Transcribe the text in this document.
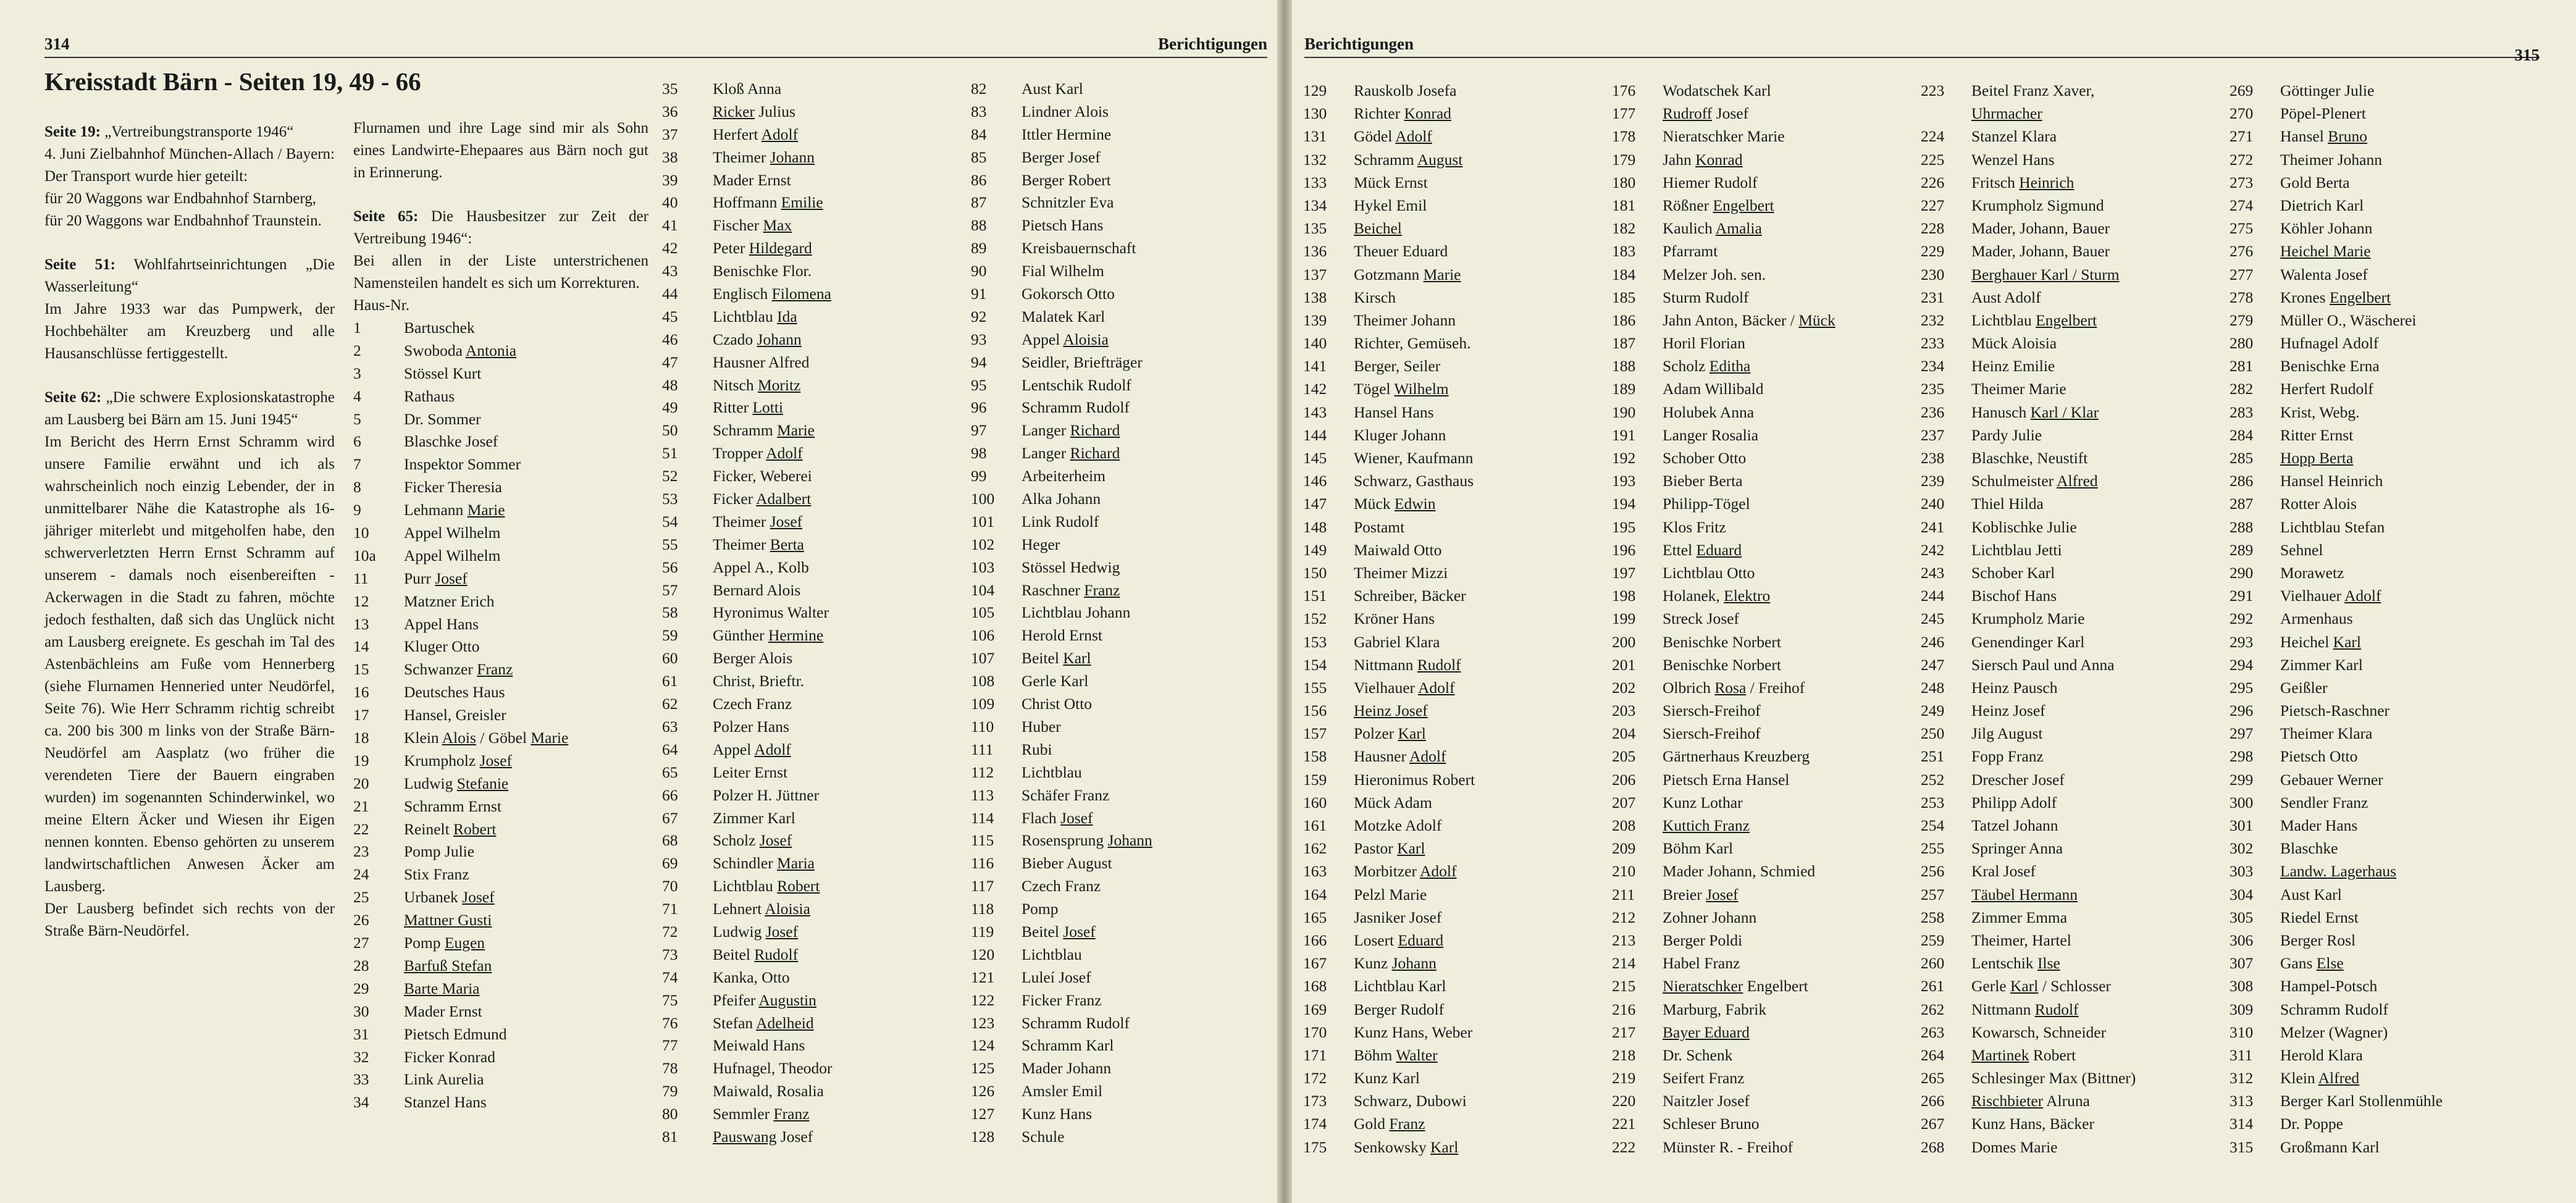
314	Berichtigungen
Kreisstadt Bärn - Seiten 19, 49 - 66

Seite 19: „Vertreibungstransporte 1946“

4. Juni Zielbahnhof München-Allach / Bayern: Der Transport wurde hier geteilt:

für 20 Waggons war Endbahnhof Starnberg,

für 20 Waggons war Endbahnhof Traunstein.

Seite 51: Wohlfahrtseinrichtungen „Die Wasserleitung“

Im Jahre 1933 war das Pumpwerk, der Hochbehälter am Kreuzberg und alle Hausanschlüsse fertiggestellt.

Seite 62: „Die schwere Explosionskatastrophe am Lausberg bei Bärn am 15. Juni 1945“

Im Bericht des Herrn Ernst Schramm wird unsere Familie erwähnt und ich als wahrscheinlich noch einzig Lebender, der in unmittelbarer Nähe die Katastrophe als 16-jähriger miterlebt und mitgeholfen habe, den schwerverletzten Herrn Ernst Schramm auf unserem - damals noch eisenbereiften - Ackerwagen in die Stadt zu fahren, möchte jedoch festhalten, daß sich das Unglück nicht am Lausberg ereignete. Es geschah im Tal des Astenbächleins am Fuße vom Hennerberg (siehe Flurnamen Henneried unter Neudörfel, Seite 76). Wie Herr Schramm richtig schreibt ca. 200 bis 300 m links von der Straße Bärn-Neudörfel am Aasplatz (wo früher die verendeten Tiere der Bauern eingraben wurden) im sogenannten Schinderwinkel, wo meine Eltern Äcker und Wiesen ihr Eigen nennen konnten. Ebenso gehörten zu unserem landwirtschaftlichen Anwesen Äcker am Lausberg.

Der Lausberg befindet sich rechts von der Straße Bärn-Neudörfel.

Flurnamen und ihre Lage sind mir als Sohn eines Landwirte-Ehepaares aus Bärn noch gut in Erinnerung.

Seite 65: Die Hausbesitzer zur Zeit der Vertreibung 1946“:

Bei allen in der Liste unterstrichenen Namensteilen handelt es sich um Korrekturen.

Haus-Nr.

1	Bartuschek
2	Swoboda Antonia
3	Stössel Kurt
4	Rathaus
5	Dr. Sommer
6	Blaschke Josef
7	Inspektor Sommer
8	Ficker Theresia
9	Lehmann Marie
10	Appel Wilhelm
10a	Appel Wilhelm
11	Purr Josef
12	Matzner Erich
13	Appel Hans
14	Kluger Otto
15	Schwanzer Franz
16	Deutsches Haus
17	Hansel, Greisler
18	Klein Alois / Göbel Marie
19	Krumpholz Josef
20	Ludwig Stefanie
21	Schramm Ernst
22	Reinelt Robert
23	Pomp Julie
24	Stix Franz
25	Urbanek Josef
26	Mattner Gusti
27	Pomp Eugen
28	Barfuß Stefan
29	Barte Maria
30	Mader Ernst
31	Pietsch Edmund
32	Ficker Konrad
33	Link Aurelia
34	Stanzel Hans
35	Kloß Anna
36	Ricker Julius
37	Herfert Adolf
38	Theimer Johann
39	Mader Ernst
40	Hoffmann Emilie
41	Fischer Max
42	Peter Hildegard
43	Benischke Flor.
44	Englisch Filomena
45	Lichtblau Ida
46	Czado Johann
47	Hausner Alfred
48	Nitsch Moritz
49	Ritter Lotti
50	Schramm Marie
51	Tropper Adolf
52	Ficker, Weberei
53	Ficker Adalbert
54	Theimer Josef
55	Theimer Berta
56	Appel A., Kolb
57	Bernard Alois
58	Hyronimus Walter
59	Günther Hermine
60	Berger Alois
61	Christ, Brieftr.
62	Czech Franz
63	Polzer Hans
64	Appel Adolf
65	Leiter Ernst
66	Polzer H. Jüttner
67	Zimmer Karl
68	Scholz Josef
69	Schindler Maria
70	Lichtblau Robert
71	Lehnert Aloisia
72	Ludwig Josef
73	Beitel Rudolf
74	Kanka, Otto
75	Pfeifer Augustin
76	Stefan Adelheid
77	Meiwald Hans
78	Hufnagel, Theodor
79	Maiwald, Rosalia
80	Semmler Franz
81	Pauswang Josef
82	Aust Karl
83	Lindner Alois
84	Ittler Hermine
85	Berger Josef
86	Berger Robert
87	Schnitzler Eva
88	Pietsch Hans
89	Kreisbauernschaft
90	Fial Wilhelm
91	Gokorsch Otto
92	Malatek Karl
93	Appel Aloisia
94	Seidler, Briefträger
95	Lentschik Rudolf
96	Schramm Rudolf
97	Langer Richard
98	Langer Richard
99	Arbeiterheim
100	Alka Johann
101	Link Rudolf
102	Heger
103	Stössel Hedwig
104	Raschner Franz
105	Lichtblau Johann
106	Herold Ernst
107	Beitel Karl
108	Gerle Karl
109	Christ Otto
110	Huber
111	Rubi
112	Lichtblau
113	Schäfer Franz
114	Flach Josef
115	Rosensprung Johann
116	Bieber August
117	Czech Franz
118	Pomp
119	Beitel Josef
120	Lichtblau
121	Luleí Josef
122	Ficker Franz
123	Schramm Rudolf
124	Schramm Karl
125	Mader Johann
126	Amsler Emil
127	Kunz Hans
128	Schule
Berichtigungen
315
129	Rauskolb Josefa
130	Richter Konrad
131	Gödel Adolf
132	Schramm August
133	Mück Ernst
134	Hykel Emil
135	Beichel
136	Theuer Eduard
137	Gotzmann Marie
138	Kirsch
139	Theimer Johann
140	Richter, Gemüseh.
141	Berger, Seiler
142	Tögel Wilhelm
143	Hansel Hans
144	Kluger Johann
145	Wiener, Kaufmann
146	Schwarz, Gasthaus
147	Mück Edwin
148	Postamt
149	Maiwald Otto
150	Theimer Mizzi
151	Schreiber, Bäcker
152	Kröner Hans
153	Gabriel Klara
154	Nittmann Rudolf
155	Vielhauer Adolf
156	Heinz Josef
157	Polzer Karl
158	Hausner Adolf
159	Hieronimus Robert
160	Mück Adam
161	Motzke Adolf
162	Pastor Karl
163	Morbitzer Adolf
164	Pelzl Marie
165	Jasniker Josef
166	Losert Eduard
167	Kunz Johann
168	Lichtblau Karl
169	Berger Rudolf
170	Kunz Hans, Weber
171	Böhm Walter
172	Kunz Karl
173	Schwarz, Dubowi
174	Gold Franz
175	Senkowsky Karl
176	Wodatschek Karl
177	Rudroff Josef
178	Nieratschker Marie
179	Jahn Konrad
180	Hiemer Rudolf
181	Rößner Engelbert
182	Kaulich Amalia
183	Pfarramt
184	Melzer Joh. sen.
185	Sturm Rudolf
186	Jahn Anton, Bäcker / Mück
187	Horil Florian
188	Scholz Editha
189	Adam Willibald
190	Holubek Anna
191	Langer Rosalia
192	Schober Otto
193	Bieber Berta
194	Philipp-Tögel
195	Klos Fritz
196	Ettel Eduard
197	Lichtblau Otto
198	Holanek, Elektro
199	Streck Josef
200	Benischke Norbert
201	Benischke Norbert
202	Olbrich Rosa / Freihof
203	Siersch-Freihof
204	Siersch-Freihof
205	Gärtnerhaus Kreuzberg
206	Pietsch Erna Hansel
207	Kunz Lothar
208	Kuttich Franz
209	Böhm Karl
210	Mader Johann, Schmied
211	Breier Josef
212	Zohner Johann
213	Berger Poldi
214	Habel Franz
215	Nieratschker Engelbert
216	Marburg, Fabrik
217	Bayer Eduard
218	Dr. Schenk
219	Seifert Franz
220	Naitzler Josef
221	Schleser Bruno
222	Münster R. - Freihof
223	Beitel Franz Xaver,
Uhrmacher
224	Stanzel Klara
225	Wenzel Hans
226	Fritsch Heinrich
227	Krumpholz Sigmund
228	Mader, Johann, Bauer
229	Mader, Johann, Bauer
230	Berghauer Karl / Sturm
231	Aust Adolf
232	Lichtblau Engelbert
233	Mück Aloisia
234	Heinz Emilie
235	Theimer Marie
236	Hanusch Karl / Klar
237	Pardy Julie
238	Blaschke, Neustift
239	Schulmeister Alfred
240	Thiel Hilda
241	Koblischke Julie
242	Lichtblau Jetti
243	Schober Karl
244	Bischof Hans
245	Krumpholz Marie
246	Genendinger Karl
247	Siersch Paul und Anna
248	Heinz Pausch
249	Heinz Josef
250	Jilg August
251	Fopp Franz
252	Drescher Josef
253	Philipp Adolf
254	Tatzel Johann
255	Springer Anna
256	Kral Josef
257	Täubel Hermann
258	Zimmer Emma
259	Theimer, Hartel
260	Lentschik Ilse
261	Gerle Karl / Schlosser
262	Nittmann Rudolf
263	Kowarsch, Schneider
264	Martinek Robert
265	Schlesinger Max (Bittner)
266	Rischbieter Alruna
267	Kunz Hans, Bäcker
268	Domes Marie
269	Göttinger Julie
270	Pöpel-Plenert
271	Hansel Bruno
272	Theimer Johann
273	Gold Berta
274	Dietrich Karl
275	Köhler Johann
276	Heichel Marie
277	Walenta Josef
278	Krones Engelbert
279	Müller O., Wäscherei
280	Hufnagel Adolf
281	Benischke Erna
282	Herfert Rudolf
283	Krist, Webg.
284	Ritter Ernst
285	Hopp Berta
286	Hansel Heinrich
287	Rotter Alois
288	Lichtblau Stefan
289	Sehnel
290	Morawetz
291	Vielhauer Adolf
292	Armenhaus
293	Heichel Karl
294	Zimmer Karl
295	Geißler
296	Pietsch-Raschner
297	Theimer Klara
298	Pietsch Otto
299	Gebauer Werner
300	Sendler Franz
301	Mader Hans
302	Blaschke
303	Landw. Lagerhaus
304	Aust Karl
305	Riedel Ernst
306	Berger Rosl
307	Gans Else
308	Hampel-Potsch
309	Schramm Rudolf
310	Melzer (Wagner)
311	Herold Klara
312	Klein Alfred
313	Berger Karl Stollenmühle
314	Dr. Poppe
315	Großmann Karl
